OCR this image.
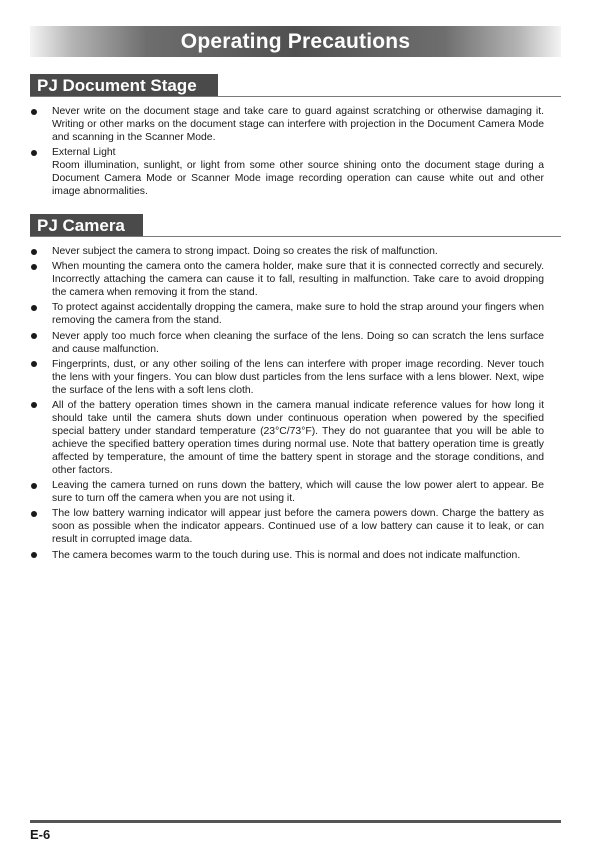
Operating Precautions
PJ Document Stage
Never write on the document stage and take care to guard against scratching or otherwise damaging it. Writing or other marks on the document stage can interfere with projection in the Document Camera Mode and scanning in the Scanner Mode.
External Light
Room illumination, sunlight, or light from some other source shining onto the document stage during a Document Camera Mode or Scanner Mode image recording operation can cause white out and other image abnormalities.
PJ Camera
Never subject the camera to strong impact. Doing so creates the risk of malfunction.
When mounting the camera onto the camera holder, make sure that it is connected correctly and securely. Incorrectly attaching the camera can cause it to fall, resulting in malfunction. Take care to avoid dropping the camera when removing it from the stand.
To protect against accidentally dropping the camera, make sure to hold the strap around your fingers when removing the camera from the stand.
Never apply too much force when cleaning the surface of the lens. Doing so can scratch the lens surface and cause malfunction.
Fingerprints, dust, or any other soiling of the lens can interfere with proper image recording. Never touch the lens with your fingers. You can blow dust particles from the lens surface with a lens blower. Next, wipe the surface of the lens with a soft lens cloth.
All of the battery operation times shown in the camera manual indicate reference values for how long it should take until the camera shuts down under continuous operation when powered by the specified special battery under standard temperature (23°C/73°F). They do not guarantee that you will be able to achieve the specified battery operation times during normal use. Note that battery operation time is greatly affected by temperature, the amount of time the battery spent in storage and the storage conditions, and other factors.
Leaving the camera turned on runs down the battery, which will cause the low power alert to appear. Be sure to turn off the camera when you are not using it.
The low battery warning indicator will appear just before the camera powers down. Charge the battery as soon as possible when the indicator appears. Continued use of a low battery can cause it to leak, or can result in corrupted image data.
The camera becomes warm to the touch during use. This is normal and does not indicate malfunction.
E-6
